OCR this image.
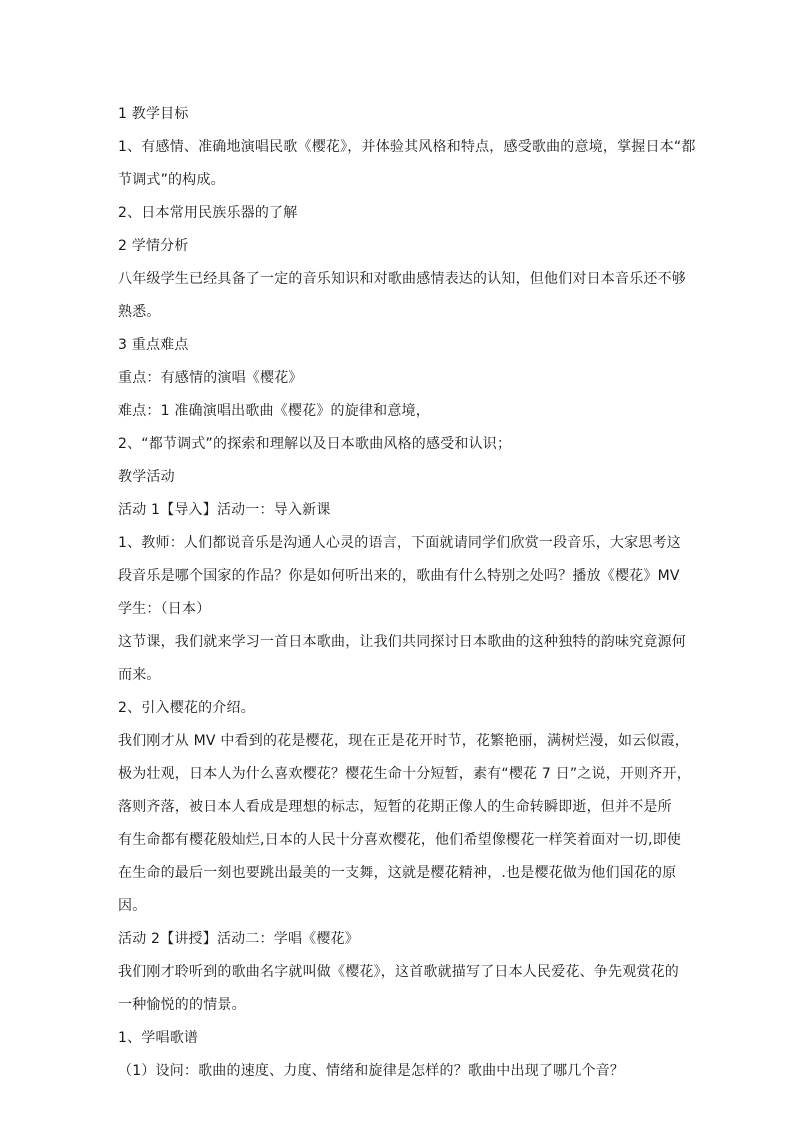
1 教学目标
1、有感情、准确地演唱民歌《樱花》，并体验其风格和特点，感受歌曲的意境，掌握日本“都
节调式”的构成。
2、日本常用民族乐器的了解
2 学情分析
八年级学生已经具备了一定的音乐知识和对歌曲感情表达的认知，但他们对日本音乐还不够
熟悉。
3 重点难点
重点：有感情的演唱《樱花》
难点：1 准确演唱出歌曲《樱花》的旋律和意境，
2、“都节调式”的探索和理解以及日本歌曲风格的感受和认识；
教学活动
活动 1【导入】活动一：导入新课
1、教师：人们都说音乐是沟通人心灵的语言，下面就请同学们欣赏一段音乐，大家思考这
段音乐是哪个国家的作品？你是如何听出来的，歌曲有什么特别之处吗？播放《樱花》MV
学生：（日本）
这节课，我们就来学习一首日本歌曲，让我们共同探讨日本歌曲的这种独特的韵味究竟源何
而来。
2、引入樱花的介绍。
我们刚才从 MV 中看到的花是樱花，现在正是花开时节，花繁艳丽，满树烂漫，如云似霞，
极为壮观，日本人为什么喜欢樱花？樱花生命十分短暂，素有“樱花 7 日”之说，开则齐开，
落则齐落，被日本人看成是理想的标志，短暂的花期正像人的生命转瞬即逝，但并不是所
有生命都有樱花般灿烂,日本的人民十分喜欢樱花，他们希望像樱花一样笑着面对一切,即使
在生命的最后一刻也要跳出最美的一支舞，这就是樱花精神，.也是樱花做为他们国花的原
因。
活动 2【讲授】活动二：学唱《樱花》
我们刚才聆听到的歌曲名字就叫做《樱花》，这首歌就描写了日本人民爱花、争先观赏花的
一种愉悦的的情景。
1、学唱歌谱
（1）设问：歌曲的速度、力度、情绪和旋律是怎样的？歌曲中出现了哪几个音？
